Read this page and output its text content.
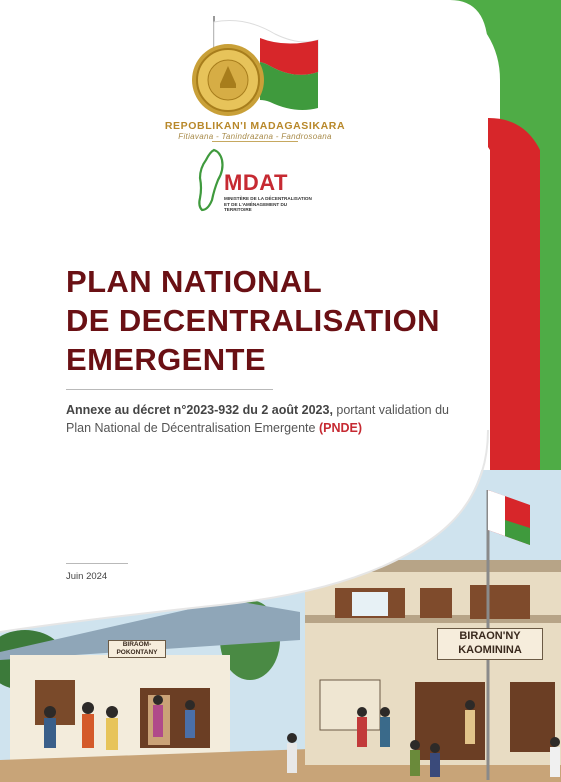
REPOBLIKAN'I MADAGASIKARA
Fitiavana - Tanindrazana - Fandrosoana
MDAT
MINISTÈRE DE LA DÉCENTRALISATION
ET DE L'AMÉNAGEMENT DU TERRITOIRE
PLAN NATIONAL
DE DECENTRALISATION
EMERGENTE
Annexe au décret n°2023-932 du 2 août 2023, portant validation du Plan National de Décentralisation Emergente (PNDE)
Juin 2024
BIRAOM-
POKONTANY
BIRAON'NY
KAOMININA
